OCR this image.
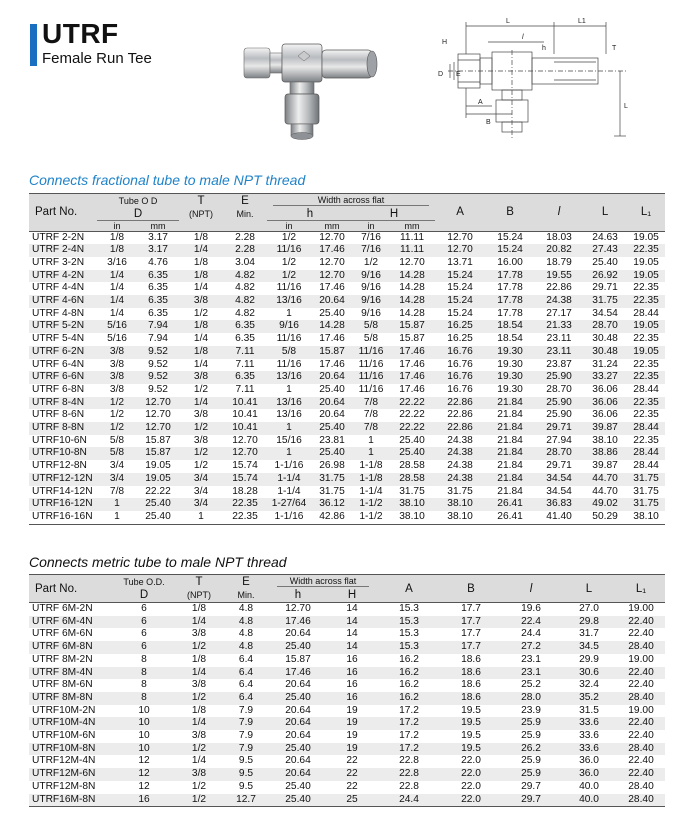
UTRF
Female Run Tee
L	L1
l
h
H
T
D E
A
B
L
Connects fractional tube to male NPT thread
Part No.	Tube O D		T	E	Width across flat				A	B	l	L	L₁
	D		(NPT)	Min.	h		H						
	in	mm			in	mm	in	mm					
UTRF 2-2N	1/8	3.17	1/8	2.28	1/2	12.70	7/16	11.11	12.70	15.24	18.03	24.63	19.05
UTRF 2-4N	1/8	3.17	1/4	2.28	11/16	17.46	7/16	11.11	12.70	15.24	20.82	27.43	22.35
UTRF 3-2N	3/16	4.76	1/8	3.04	1/2	12.70	1/2	12.70	13.71	16.00	18.79	25.40	19.05
UTRF 4-2N	1/4	6.35	1/8	4.82	1/2	12.70	9/16	14.28	15.24	17.78	19.55	26.92	19.05
UTRF 4-4N	1/4	6.35	1/4	4.82	11/16	17.46	9/16	14.28	15.24	17.78	22.86	29.71	22.35
UTRF 4-6N	1/4	6.35	3/8	4.82	13/16	20.64	9/16	14.28	15.24	17.78	24.38	31.75	22.35
UTRF 4-8N	1/4	6.35	1/2	4.82	1	25.40	9/16	14.28	15.24	17.78	27.17	34.54	28.44
UTRF 5-2N	5/16	7.94	1/8	6.35	9/16	14.28	5/8	15.87	16.25	18.54	21.33	28.70	19.05
UTRF 5-4N	5/16	7.94	1/4	6.35	11/16	17.46	5/8	15.87	16.25	18.54	23.11	30.48	22.35
UTRF 6-2N	3/8	9.52	1/8	7.11	5/8	15.87	11/16	17.46	16.76	19.30	23.11	30.48	19.05
UTRF 6-4N	3/8	9.52	1/4	7.11	11/16	17.46	11/16	17.46	16.76	19.30	23.87	31.24	22.35
UTRF 6-6N	3/8	9.52	3/8	6.35	13/16	20.64	11/16	17.46	16.76	19.30	25.90	33.27	22.35
UTRF 6-8N	3/8	9.52	1/2	7.11	1	25.40	11/16	17.46	16.76	19.30	28.70	36.06	28.44
UTRF 8-4N	1/2	12.70	1/4	10.41	13/16	20.64	7/8	22.22	22.86	21.84	25.90	36.06	22.35
UTRF 8-6N	1/2	12.70	3/8	10.41	13/16	20.64	7/8	22.22	22.86	21.84	25.90	36.06	22.35
UTRF 8-8N	1/2	12.70	1/2	10.41	1	25.40	7/8	22.22	22.86	21.84	29.71	39.87	28.44
UTRF10-6N	5/8	15.87	3/8	12.70	15/16	23.81	1	25.40	24.38	21.84	27.94	38.10	22.35
UTRF10-8N	5/8	15.87	1/2	12.70	1	25.40	1	25.40	24.38	21.84	28.70	38.86	28.44
UTRF12-8N	3/4	19.05	1/2	15.74	1-1/16	26.98	1-1/8	28.58	24.38	21.84	29.71	39.87	28.44
UTRF12-12N	3/4	19.05	3/4	15.74	1-1/4	31.75	1-1/8	28.58	24.38	21.84	34.54	44.70	31.75
UTRF14-12N	7/8	22.22	3/4	18.28	1-1/4	31.75	1-1/4	31.75	31.75	21.84	34.54	44.70	31.75
UTRF16-12N	1	25.40	3/4	22.35	1-27/64	36.12	1-1/2	38.10	38.10	26.41	36.83	49.02	31.75
UTRF16-16N	1	25.40	1	22.35	1-1/16	42.86	1-1/2	38.10	38.10	26.41	41.40	50.29	38.10
Connects metric tube to male NPT thread
Part No.	Tube O.D.	T	E	Width across flat		A	B	l	L	L₁
	D	(NPT)	Min.	h	H					
UTRF 6M-2N	6	1/8	4.8	12.70	14	15.3	17.7	19.6	27.0	19.00
UTRF 6M-4N	6	1/4	4.8	17.46	14	15.3	17.7	22.4	29.8	22.40
UTRF 6M-6N	6	3/8	4.8	20.64	14	15.3	17.7	24.4	31.7	22.40
UTRF 6M-8N	6	1/2	4.8	25.40	14	15.3	17.7	27.2	34.5	28.40
UTRF 8M-2N	8	1/8	6.4	15.87	16	16.2	18.6	23.1	29.9	19.00
UTRF 8M-4N	8	1/4	6.4	17.46	16	16.2	18.6	23.1	30.6	22.40
UTRF 8M-6N	8	3/8	6.4	20.64	16	16.2	18.6	25.2	32.4	22.40
UTRF 8M-8N	8	1/2	6.4	25.40	16	16.2	18.6	28.0	35.2	28.40
UTRF10M-2N	10	1/8	7.9	20.64	19	17.2	19.5	23.9	31.5	19.00
UTRF10M-4N	10	1/4	7.9	20.64	19	17.2	19.5	25.9	33.6	22.40
UTRF10M-6N	10	3/8	7.9	20.64	19	17.2	19.5	25.9	33.6	22.40
UTRF10M-8N	10	1/2	7.9	25.40	19	17.2	19.5	26.2	33.6	28.40
UTRF12M-4N	12	1/4	9.5	20.64	22	22.8	22.0	25.9	36.0	22.40
UTRF12M-6N	12	3/8	9.5	20.64	22	22.8	22.0	25.9	36.0	22.40
UTRF12M-8N	12	1/2	9.5	25.40	22	22.8	22.0	29.7	40.0	28.40
UTRF16M-8N	16	1/2	12.7	25.40	25	24.4	22.0	29.7	40.0	28.40
